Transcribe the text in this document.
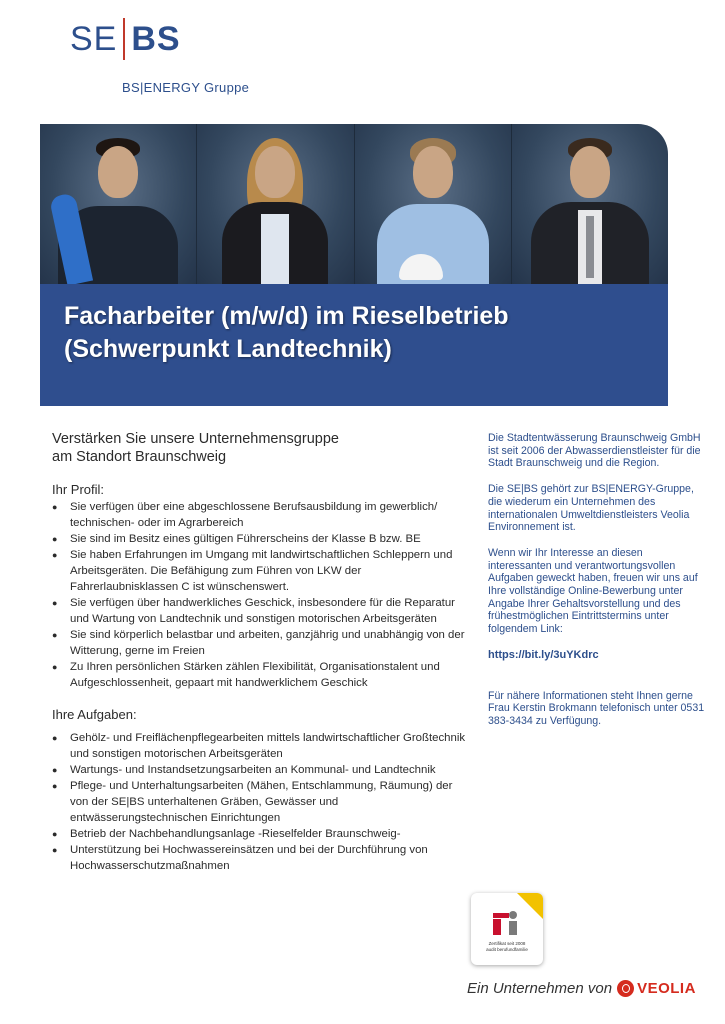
SE BS
BS|ENERGY Gruppe
Facharbeiter (m/w/d) im Rieselbetrieb
(Schwerpunkt Landtechnik)

Verstärken Sie unsere Unternehmensgruppe
am Standort Braunschweig

Ihr Profil:
● Sie verfügen über eine abgeschlossene Berufsausbildung im gewerblich/ technischen- oder im Agrarbereich
● Sie sind im Besitz eines gültigen Führerscheins der Klasse B bzw. BE
● Sie haben Erfahrungen im Umgang mit landwirtschaftlichen Schleppern und Arbeitsgeräten. Die Befähigung zum Führen von LKW der Fahrerlaubnisklassen C ist wünschenswert.
● Sie verfügen über handwerkliches Geschick, insbesondere für die Reparatur und Wartung von Landtechnik und sonstigen motorischen Arbeitsgeräten
● Sie sind körperlich belastbar und arbeiten, ganzjährig und unabhängig von der Witterung, gerne im Freien
● Zu Ihren persönlichen Stärken zählen Flexibilität, Organisationstalent und Aufgeschlossenheit, gepaart mit handwerklichem Geschick
Ihre Aufgaben:
● Gehölz- und Freiflächenpflegearbeiten mittels landwirtschaftlicher Großtechnik und sonstigen motorischen Arbeitsgeräten
● Wartungs- und Instandsetzungsarbeiten an Kommunal- und Landtechnik
● Pflege- und Unterhaltungsarbeiten (Mähen, Entschlammung, Räumung) der von der SE|BS unterhaltenen Gräben, Gewässer und entwässerungstechnischen Einrichtungen
● Betrieb der Nachbehandlungsanlage -Rieselfelder Braunschweig-
● Unterstützung bei Hochwassereinsätzen und bei der Durchführung von Hochwasserschutzmaßnahmen

Die Stadtentwässerung Braunschweig GmbH ist seit 2006 der Abwasserdienstleister für die Stadt Braunschweig und die Region.

Die SE|BS gehört zur BS|ENERGY-Gruppe, die wiederum ein Unternehmen des internationalen Umweltdienstleisters Veolia Environnement ist.

Wenn wir Ihr Interesse an diesen interessanten und verantwortungsvollen Aufgaben geweckt haben, freuen wir uns auf Ihre vollständige Online-Bewerbung unter Angabe Ihrer Gehaltsvorstellung und des frühestmöglichen Eintrittstermins unter folgendem Link:

https://bit.ly/3uYKdrc

Für nähere Informationen steht Ihnen gerne Frau Kerstin Brokmann telefonisch unter 0531 383-3434 zu Verfügung.

Zertifikat seit 2008
audit berufundfamilie
Ein Unternehmen von VEOLIA
